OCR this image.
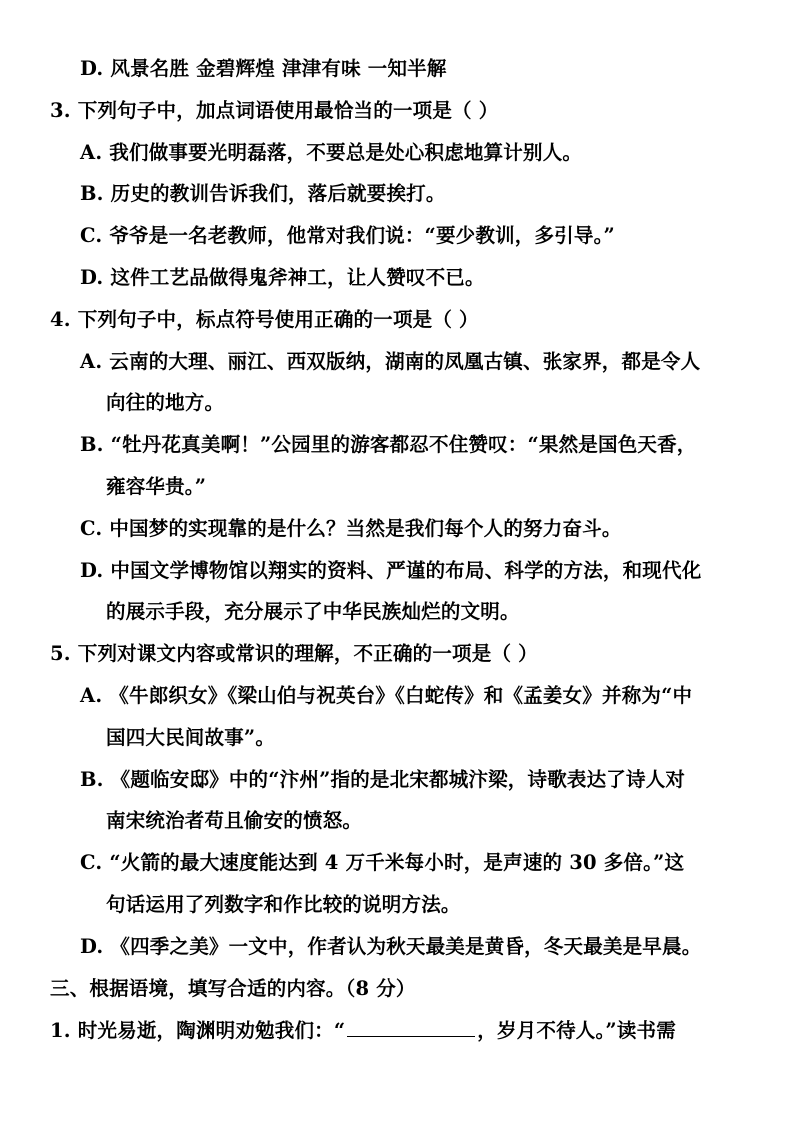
D. 风景名胜 金碧辉煌 津津有味 一知半解
3. 下列句子中，加点词语使用最恰当的一项是（ ）
A. 我们做事要光明磊落，不要总是处心积虑地算计别人。
B. 历史的教训告诉我们，落后就要挨打。
C. 爷爷是一名老教师，他常对我们说：“要少教训，多引导。”
D. 这件工艺品做得鬼斧神工，让人赞叹不已。
4. 下列句子中，标点符号使用正确的一项是（ ）
A. 云南的大理、丽江、西双版纳，湖南的凤凰古镇、张家界，都是令人
向往的地方。
B. “牡丹花真美啊！”公园里的游客都忍不住赞叹：“果然是国色天香，
雍容华贵。”
C. 中国梦的实现靠的是什么？当然是我们每个人的努力奋斗。
D. 中国文学博物馆以翔实的资料、严谨的布局、科学的方法，和现代化
的展示手段，充分展示了中华民族灿烂的文明。
5. 下列对课文内容或常识的理解，不正确的一项是（ ）
A. 《牛郎织女》《梁山伯与祝英台》《白蛇传》和《孟姜女》并称为“中
国四大民间故事”。
B. 《题临安邸》中的“汴州”指的是北宋都城汴梁，诗歌表达了诗人对
南宋统治者苟且偷安的愤怒。
C. “火箭的最大速度能达到 4 万千米每小时，是声速的 30 多倍。”这
句话运用了列数字和作比较的说明方法。
D. 《四季之美》一文中，作者认为秋天最美是黄昏，冬天最美是早晨。
三、根据语境，填写合适的内容。（8 分）
1. 时光易逝，陶渊明劝勉我们：“	，岁月不待人。”读书需
